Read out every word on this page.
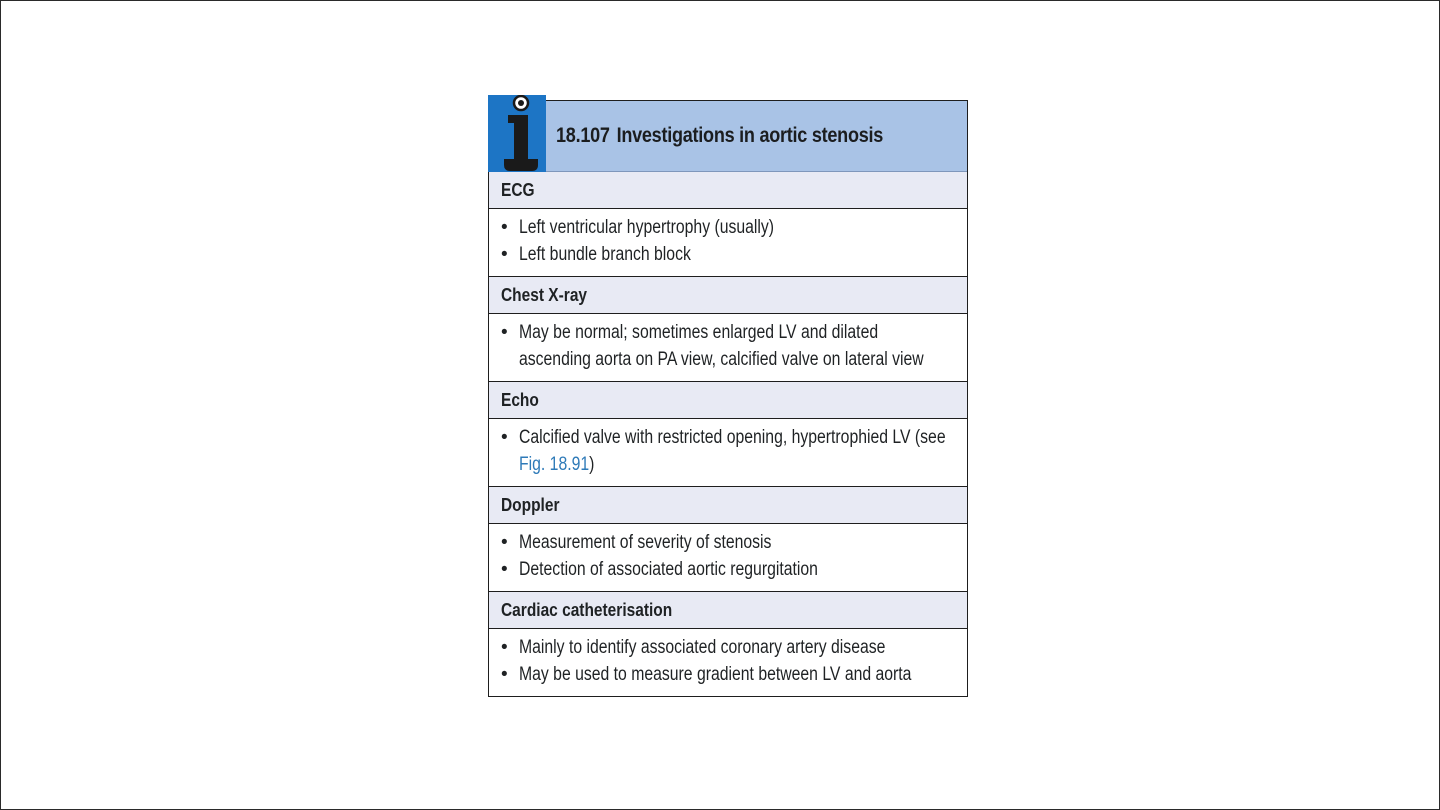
18.107 Investigations in aortic stenosis
ECG
• Left ventricular hypertrophy (usually)
• Left bundle branch block
Chest X-ray
• May be normal; sometimes enlarged LV and dilated
ascending aorta on PA view, calcified valve on lateral view
Echo
• Calcified valve with restricted opening, hypertrophied LV (see
Fig. 18.91)
Doppler
• Measurement of severity of stenosis
• Detection of associated aortic regurgitation
Cardiac catheterisation
• Mainly to identify associated coronary artery disease
• May be used to measure gradient between LV and aorta
